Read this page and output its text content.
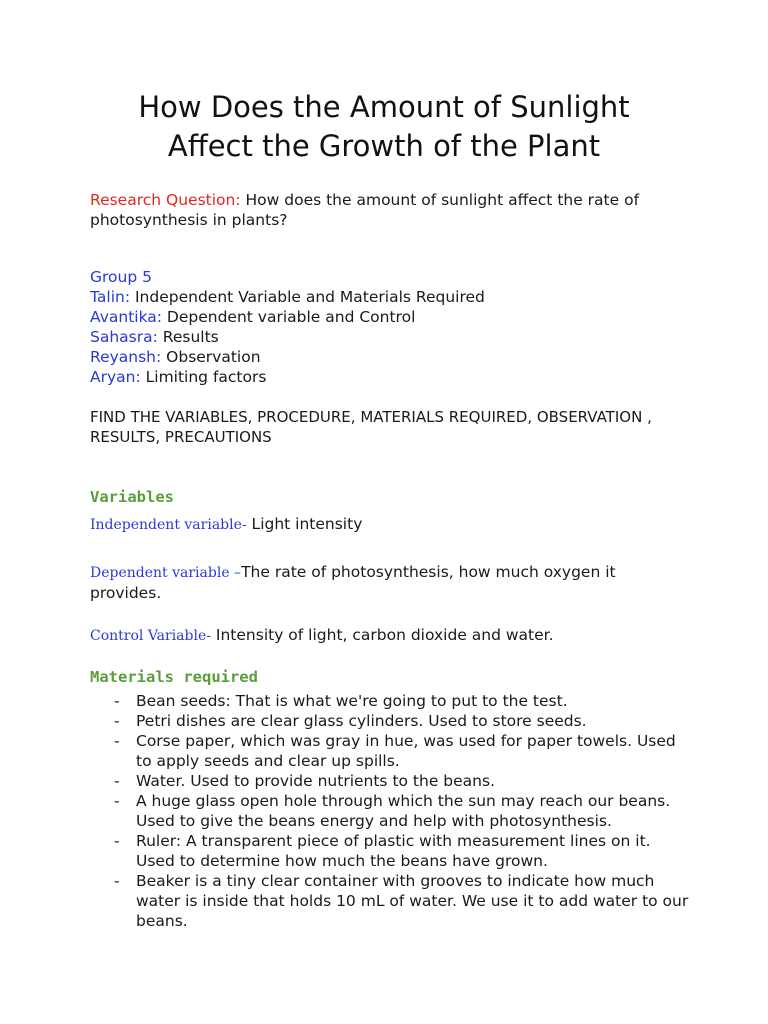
How Does the Amount of Sunlight
Affect the Growth of the Plant
Research Question: How does the amount of sunlight affect the rate of
photosynthesis in plants?
Group 5
Talin: Independent Variable and Materials Required
Avantika: Dependent variable and Control
Sahasra: Results
Reyansh: Observation
Aryan: Limiting factors
FIND THE VARIABLES, PROCEDURE, MATERIALS REQUIRED, OBSERVATION ,
RESULTS, PRECAUTIONS
Variables
Independent variable- Light intensity
Dependent variable –The rate of photosynthesis, how much oxygen it
provides.
Control Variable- Intensity of light, carbon dioxide and water.
Materials required
- Bean seeds: That is what we're going to put to the test.
- Petri dishes are clear glass cylinders. Used to store seeds.
- Corse paper, which was gray in hue, was used for paper towels. Used
to apply seeds and clear up spills.
- Water. Used to provide nutrients to the beans.
- A huge glass open hole through which the sun may reach our beans.
Used to give the beans energy and help with photosynthesis.
- Ruler: A transparent piece of plastic with measurement lines on it.
Used to determine how much the beans have grown.
- Beaker is a tiny clear container with grooves to indicate how much
water is inside that holds 10 mL of water. We use it to add water to our
beans.
